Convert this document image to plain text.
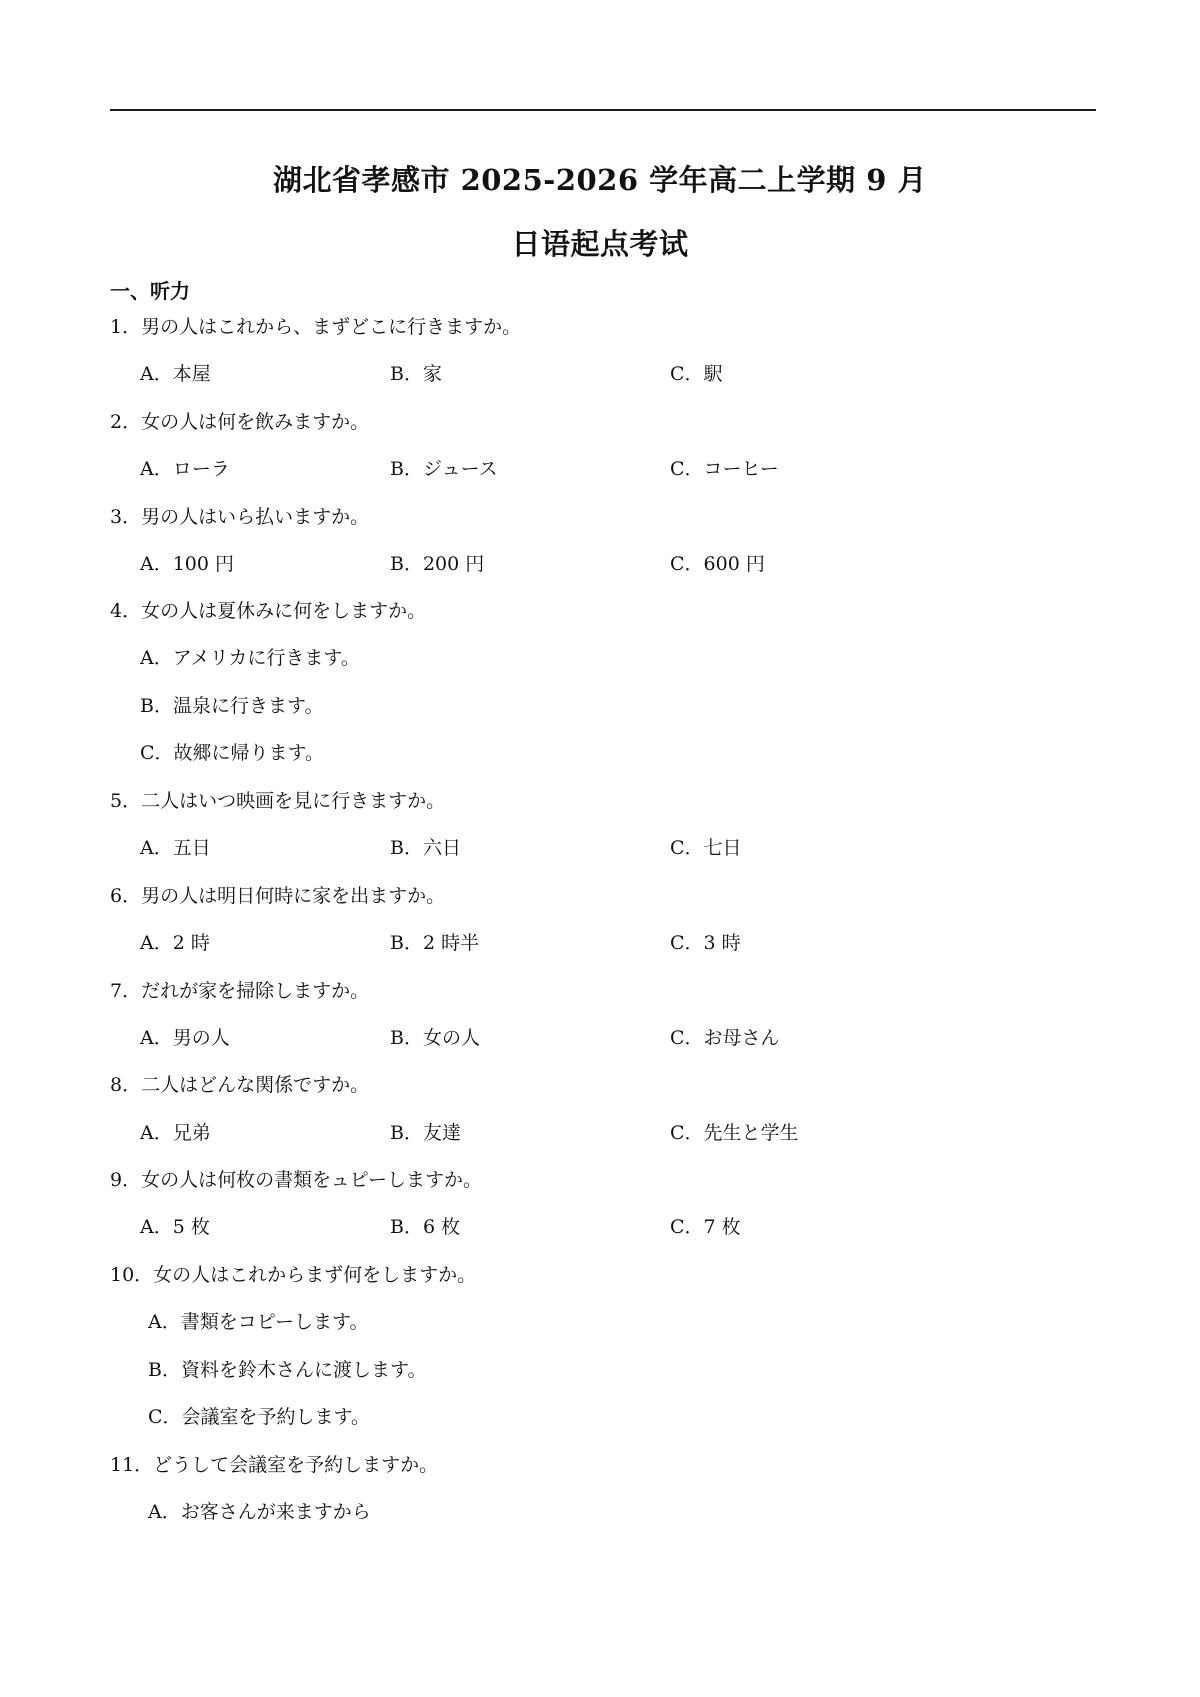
湖北省孝感市 2025-2026 学年高二上学期 9 月
日语起点考试
一、听力
1．男の人はこれから、まずどこに行きますか。
A．本屋	B．家	C．駅
2．女の人は何を飲みますか。
A．ローラ	B．ジュース	C．コーヒー
3．男の人はいら払いますか。
A．100 円	B．200 円	C．600 円
4．女の人は夏休みに何をしますか。
A．アメリカに行きます。
B．温泉に行きます。
C．故郷に帰ります。
5．二人はいつ映画を見に行きますか。
A．五日	B．六日	C．七日
6．男の人は明日何時に家を出ますか。
A．2 時	B．2 時半	C．3 時
7．だれが家を掃除しますか。
A．男の人	B．女の人	C．お母さん
8．二人はどんな関係ですか。
A．兄弟	B．友達	C．先生と学生
9．女の人は何枚の書類をュピーしますか。
A．5 枚	B．6 枚	C．7 枚
10．女の人はこれからまず何をしますか。
A．書類をコピーします。
B．資料を鈴木さんに渡します。
C．会議室を予約します。
11．どうして会議室を予約しますか。
A．お客さんが来ますから
